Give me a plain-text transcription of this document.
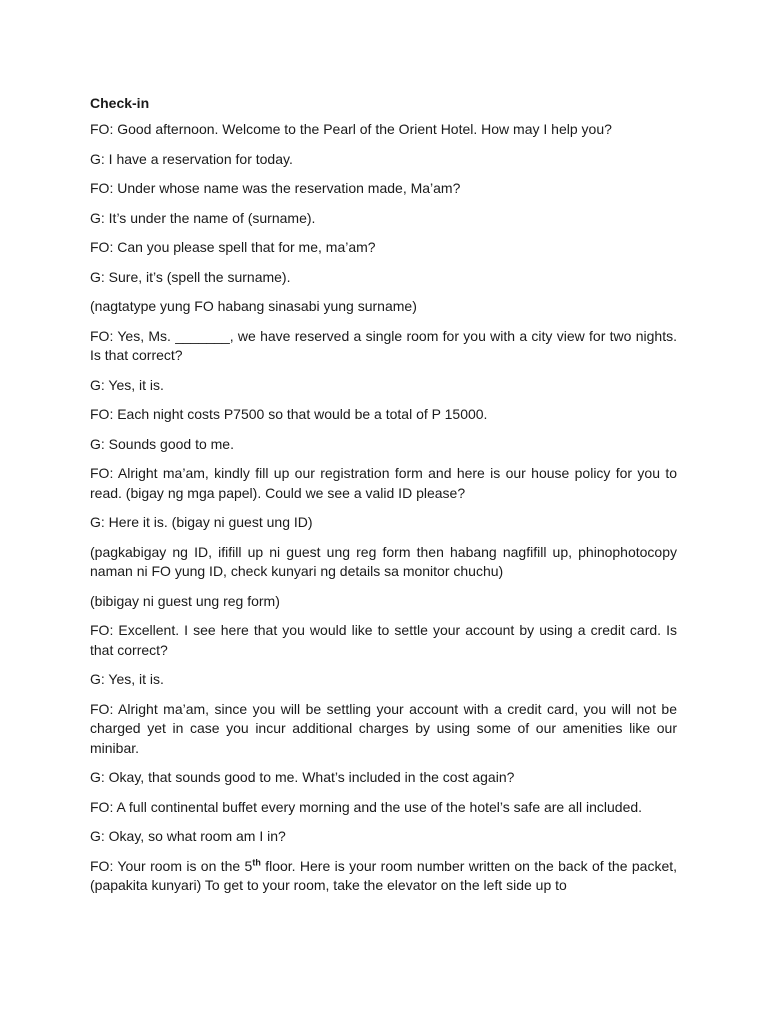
Check-in

FO: Good afternoon. Welcome to the Pearl of the Orient Hotel. How may I help you?

G: I have a reservation for today.

FO: Under whose name was the reservation made, Ma’am?

G: It’s under the name of (surname).

FO: Can you please spell that for me, ma’am?

G: Sure, it’s (spell the surname).

(nagtatype yung FO habang sinasabi yung surname)

FO: Yes, Ms. _______, we have reserved a single room for you with a city view for two nights. Is that correct?

G: Yes, it is.

FO: Each night costs P7500 so that would be a total of P 15000.

G: Sounds good to me.

FO: Alright ma’am, kindly fill up our registration form and here is our house policy for you to read. (bigay ng mga papel). Could we see a valid ID please?

G: Here it is. (bigay ni guest ung ID)

(pagkabigay ng ID, ififill up ni guest ung reg form then habang nagfifill up, phinophotocopy naman ni FO yung ID, check kunyari ng details sa monitor chuchu)

(bibigay ni guest ung reg form)

FO: Excellent. I see here that you would like to settle your account by using a credit card. Is that correct?

G: Yes, it is.

FO: Alright ma’am, since you will be settling your account with a credit card, you will not be charged yet in case you incur additional charges by using some of our amenities like our minibar.

G: Okay, that sounds good to me. What’s included in the cost again?

FO: A full continental buffet every morning and the use of the hotel’s safe are all included.

G: Okay, so what room am I in?

FO: Your room is on the 5th floor. Here is your room number written on the back of the packet, (papakita kunyari) To get to your room, take the elevator on the left side up to
